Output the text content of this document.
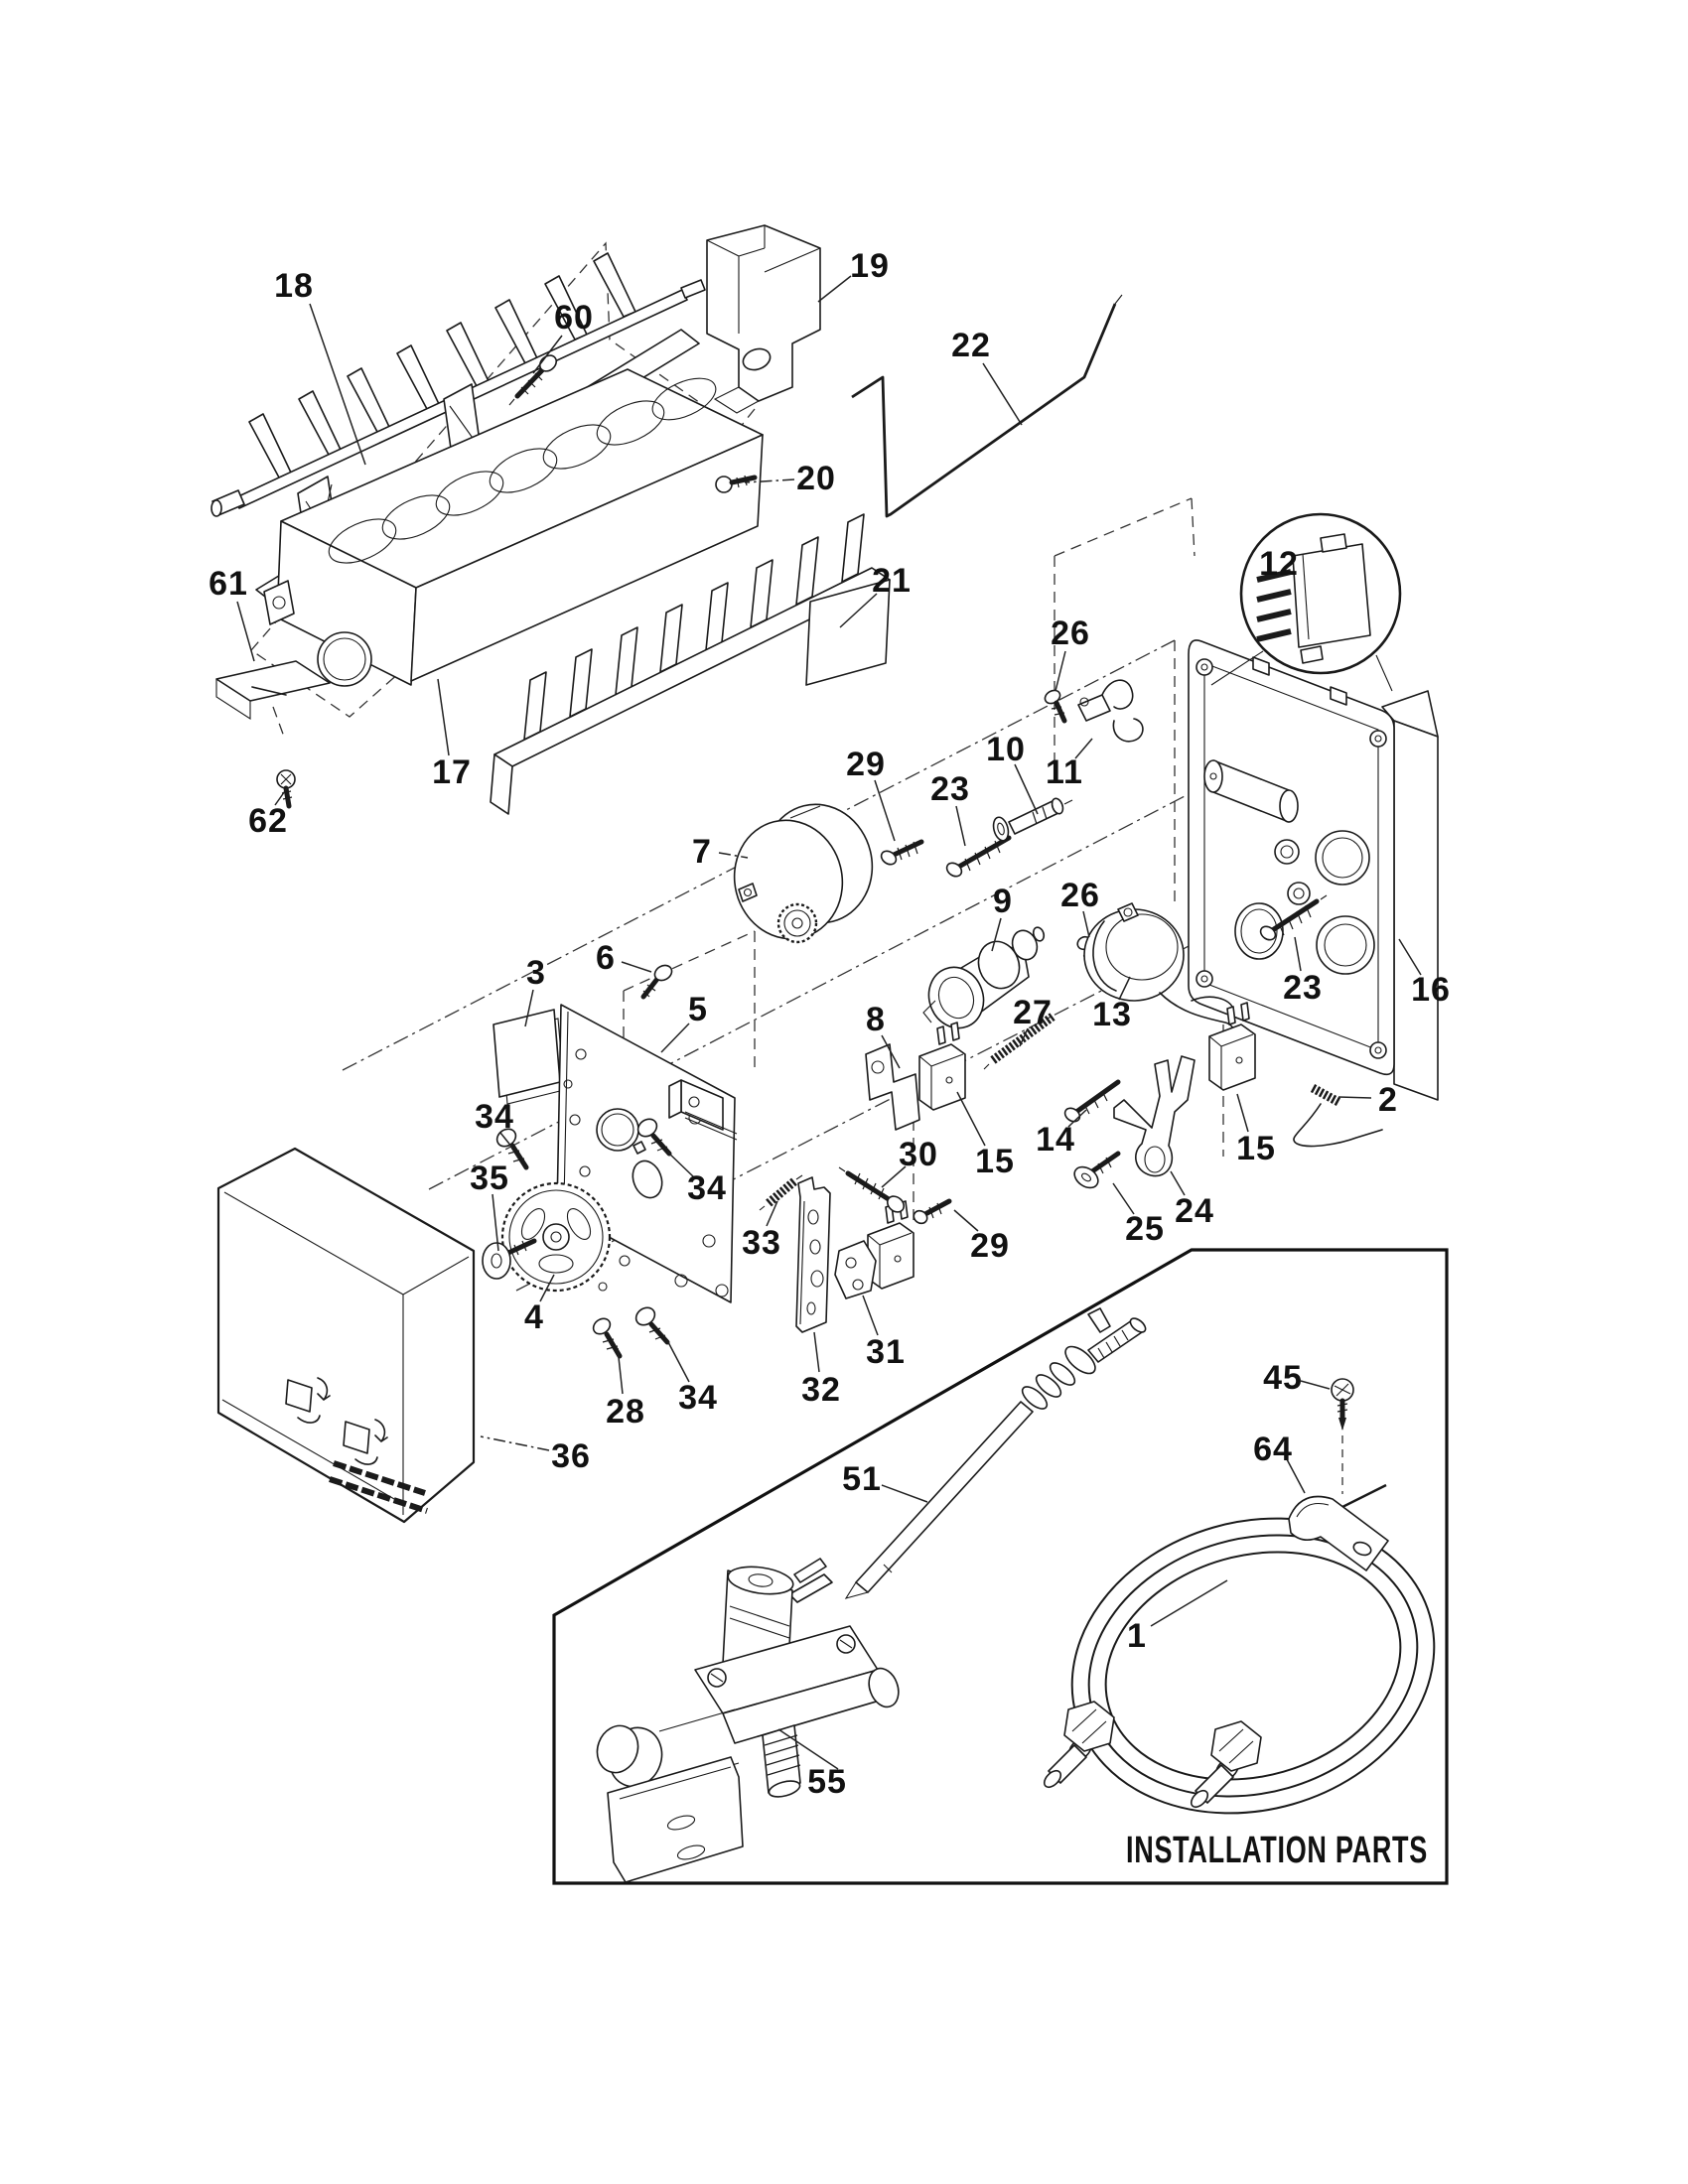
INSTALLATION PARTS
18
60
19
22
20
21
61
62
17
12
26
10
11
29
23
7
9 26
13
23	16
3 6
5	8	27
34
35	34
30 15
14	15
2
24
25
33	29
4
28 34 32
31
36
51
45
64
1
55
